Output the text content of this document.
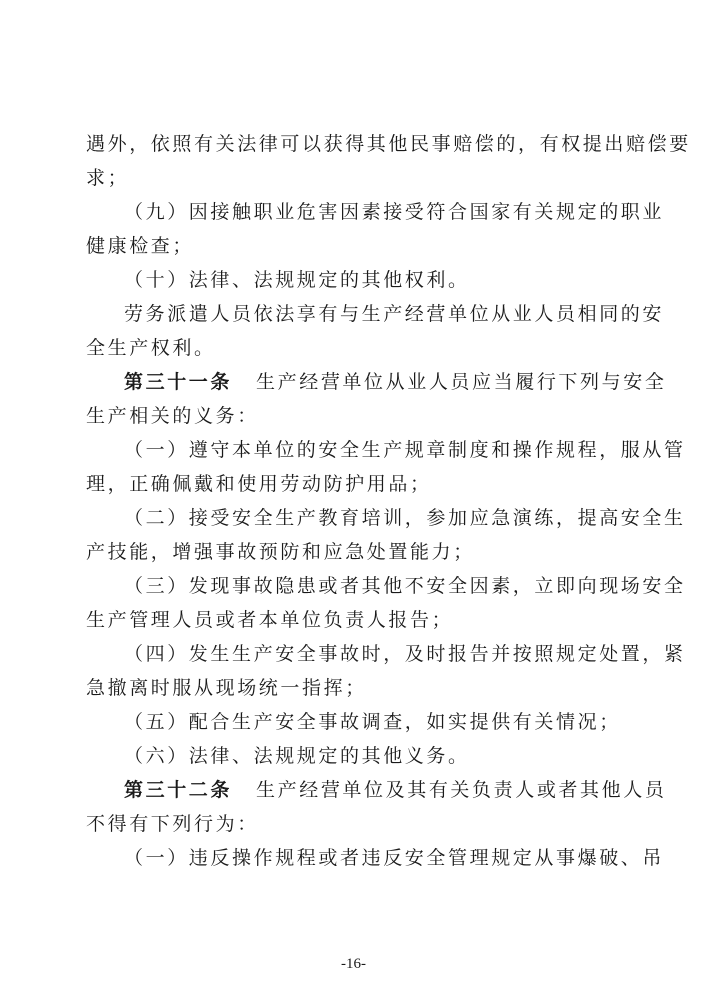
遇外，依照有关法律可以获得其他民事赔偿的，有权提出赔偿要
求；
（九）因接触职业危害因素接受符合国家有关规定的职业
健康检查；
（十）法律、法规规定的其他权利。
劳务派遣人员依法享有与生产经营单位从业人员相同的安
全生产权利。
第三十一条 生产经营单位从业人员应当履行下列与安全
生产相关的义务：
（一）遵守本单位的安全生产规章制度和操作规程，服从管
理，正确佩戴和使用劳动防护用品；
（二）接受安全生产教育培训，参加应急演练，提高安全生
产技能，增强事故预防和应急处置能力；
（三）发现事故隐患或者其他不安全因素，立即向现场安全
生产管理人员或者本单位负责人报告；
（四）发生生产安全事故时，及时报告并按照规定处置，紧
急撤离时服从现场统一指挥；
（五）配合生产安全事故调查，如实提供有关情况；
（六）法律、法规规定的其他义务。
第三十二条 生产经营单位及其有关负责人或者其他人员
不得有下列行为：
（一）违反操作规程或者违反安全管理规定从事爆破、吊
-16-
